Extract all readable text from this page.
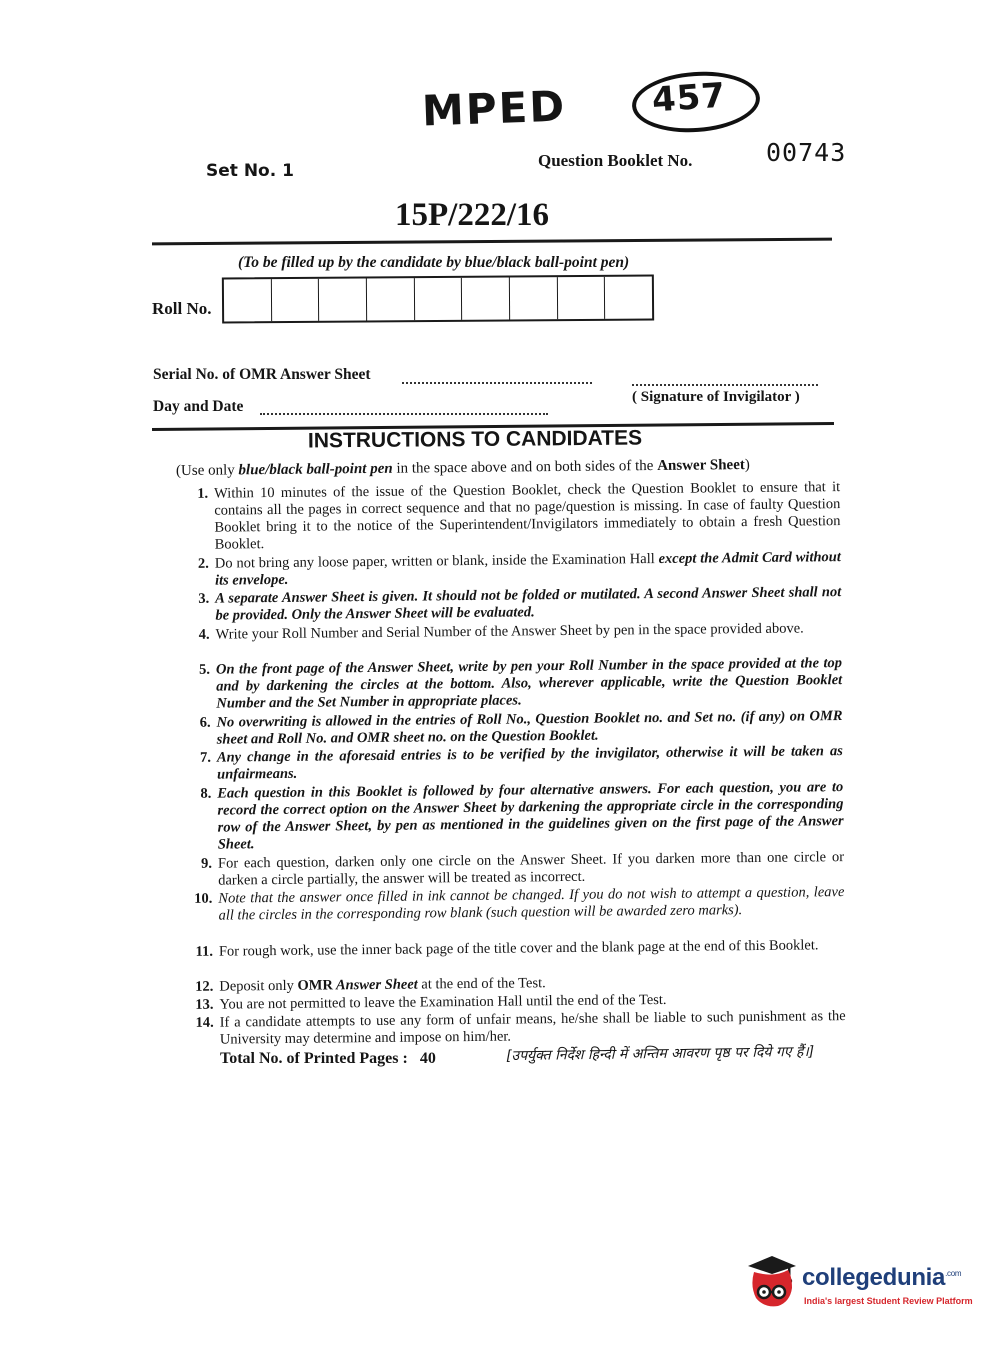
MPED 457
Set No. 1
Question Booklet No.	00743
15P/222/16
(To be filled up by the candidate by blue/black ball-point pen)
Roll No.
Serial No. of OMR Answer Sheet
Day and Date
( Signature of Invigilator )
INSTRUCTIONS TO CANDIDATES
(Use only blue/black ball-point pen in the space above and on both sides of the Answer Sheet)
1. Within 10 minutes of the issue of the Question Booklet, check the Question Booklet to ensure that it contains all the pages in correct sequence and that no page/question is missing. In case of faulty Question Booklet bring it to the notice of the Superintendent/Invigilators immediately to obtain a fresh Question Booklet.
2. Do not bring any loose paper, written or blank, inside the Examination Hall except the Admit Card without its envelope.
3. A separate Answer Sheet is given. It should not be folded or mutilated. A second Answer Sheet shall not be provided. Only the Answer Sheet will be evaluated.
4. Write your Roll Number and Serial Number of the Answer Sheet by pen in the space provided above.
5. On the front page of the Answer Sheet, write by pen your Roll Number in the space provided at the top and by darkening the circles at the bottom. Also, wherever applicable, write the Question Booklet Number and the Set Number in appropriate places.
6. No overwriting is allowed in the entries of Roll No., Question Booklet no. and Set no. (if any) on OMR sheet and Roll No. and OMR sheet no. on the Question Booklet.
7. Any change in the aforesaid entries is to be verified by the invigilator, otherwise it will be taken as unfairmeans.
8. Each question in this Booklet is followed by four alternative answers. For each question, you are to record the correct option on the Answer Sheet by darkening the appropriate circle in the corresponding row of the Answer Sheet, by pen as mentioned in the guidelines given on the first page of the Answer Sheet.
9. For each question, darken only one circle on the Answer Sheet. If you darken more than one circle or darken a circle partially, the answer will be treated as incorrect.
10. Note that the answer once filled in ink cannot be changed. If you do not wish to attempt a question, leave all the circles in the corresponding row blank (such question will be awarded zero marks).
11. For rough work, use the inner back page of the title cover and the blank page at the end of this Booklet.
12. Deposit only OMR Answer Sheet at the end of the Test.
13. You are not permitted to leave the Examination Hall until the end of the Test.
14. If a candidate attempts to use any form of unfair means, he/she shall be liable to such punishment as the University may determine and impose on him/her.
Total No. of Printed Pages : 40	[उपर्युक्त निर्देश हिन्दी में अन्तिम आवरण पृष्ठ पर दिये गए हैं।]
collegedunia$^{.com}$
India's largest Student Review Platform
